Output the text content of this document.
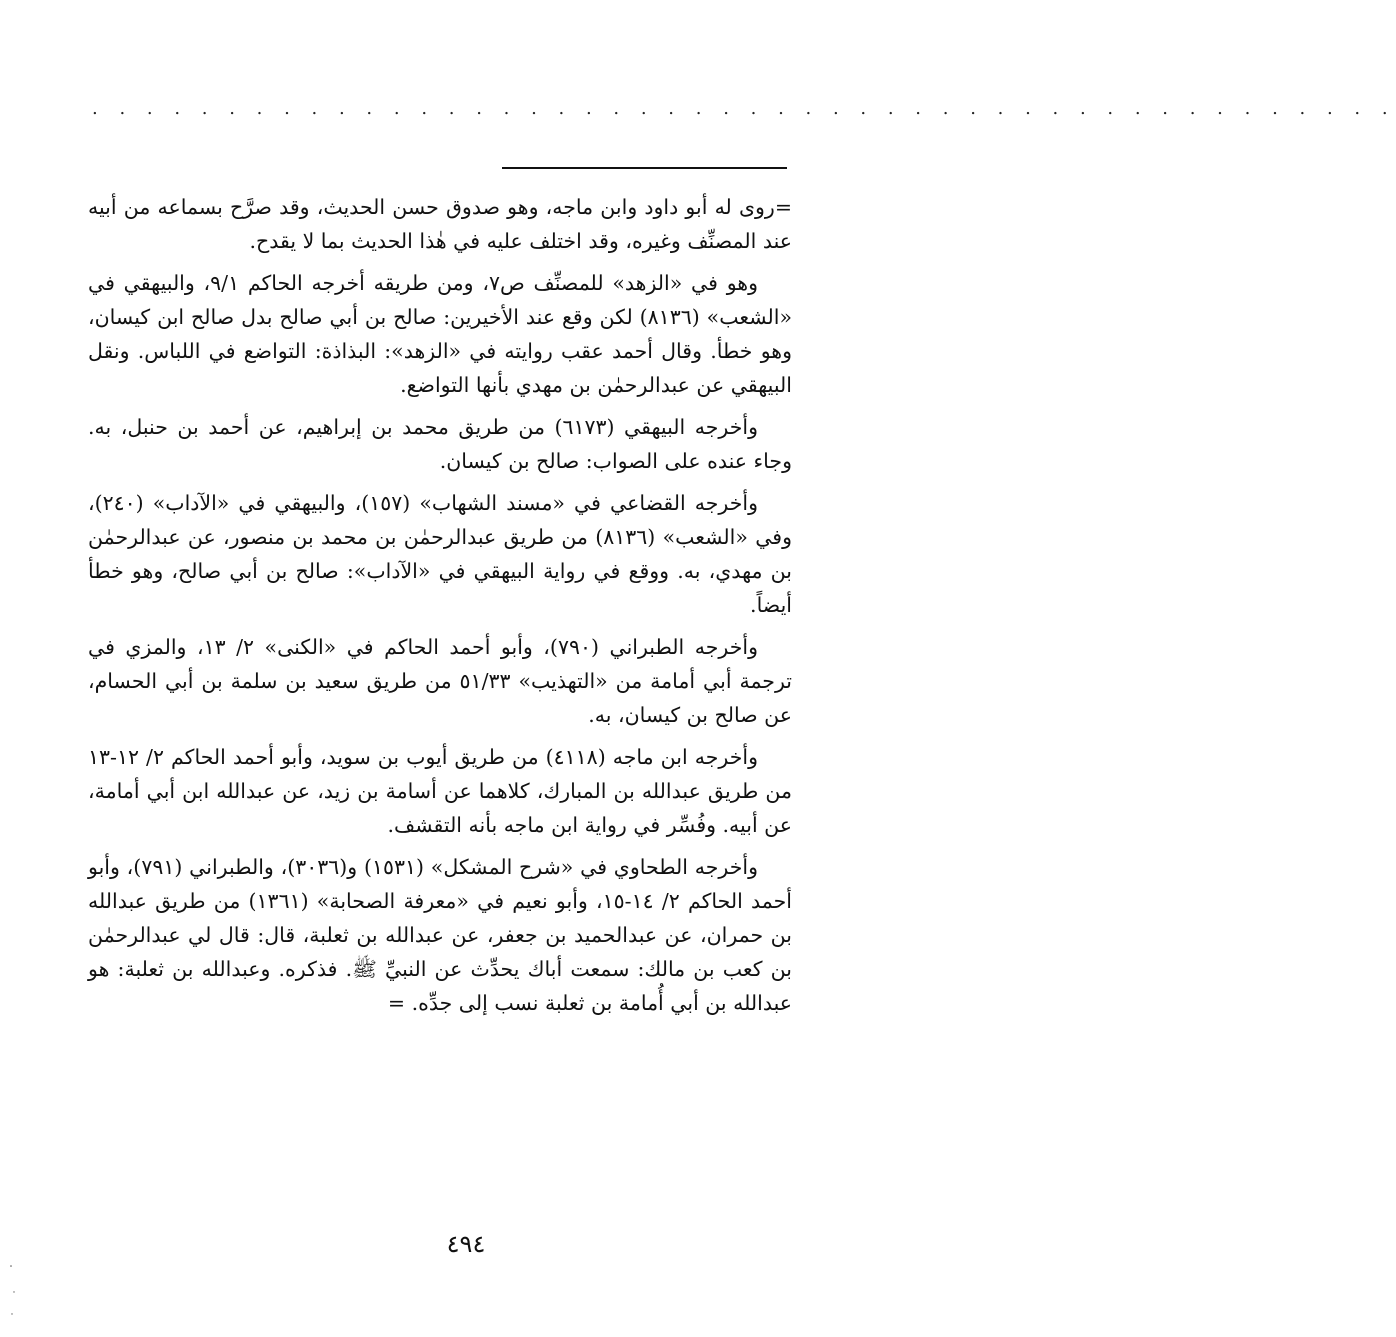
. . . . . . . . . . . . . . . . . . . . . . . . . . . . . . . . . . . . . . . . . . . . . . . .

=روى له أبو داود وابن ماجه، وهو صدوق حسن الحديث، وقد صرَّح بسماعه من أبيه عند المصنِّف وغيره، وقد اختلف عليه في هٰذا الحديث بما لا يقدح.

وهو في «الزهد» للمصنِّف ص٧، ومن طريقه أخرجه الحاكم ٩/١، والبيهقي في «الشعب» (٨١٣٦) لكن وقع عند الأخيرين: صالح بن أبي صالح بدل صالح ابن كيسان، وهو خطأ. وقال أحمد عقب روايته في «الزهد»: البذاذة: التواضع في اللباس. ونقل البيهقي عن عبدالرحمٰن بن مهدي بأنها التواضع.

وأخرجه البيهقي (٦١٧٣) من طريق محمد بن إبراهيم، عن أحمد بن حنبل، به. وجاء عنده على الصواب: صالح بن كيسان.

وأخرجه القضاعي في «مسند الشهاب» (١٥٧)، والبيهقي في «الآداب» (٢٤٠)، وفي «الشعب» (٨١٣٦) من طريق عبدالرحمٰن بن محمد بن منصور، عن عبدالرحمٰن بن مهدي، به. ووقع في رواية البيهقي في «الآداب»: صالح بن أبي صالح، وهو خطأ أيضاً.

وأخرجه الطبراني (٧٩٠)، وأبو أحمد الحاكم في «الكنى» ٢/ ١٣، والمزي في ترجمة أبي أمامة من «التهذيب» ٥١/٣٣ من طريق سعيد بن سلمة بن أبي الحسام، عن صالح بن كيسان، به.

وأخرجه ابن ماجه (٤١١٨) من طريق أيوب بن سويد، وأبو أحمد الحاكم ٢/ ١٢-١٣ من طريق عبدالله بن المبارك، كلاهما عن أسامة بن زيد، عن عبدالله ابن أبي أمامة، عن أبيه. وفُسِّر في رواية ابن ماجه بأنه التقشف.

وأخرجه الطحاوي في «شرح المشكل» (١٥٣١) و(٣٠٣٦)، والطبراني (٧٩١)، وأبو أحمد الحاكم ٢/ ١٤-١٥، وأبو نعيم في «معرفة الصحابة» (١٣٦١) من طريق عبدالله بن حمران، عن عبدالحميد بن جعفر، عن عبدالله بن ثعلبة، قال: قال لي عبدالرحمٰن بن كعب بن مالك: سمعت أباك يحدِّث عن النبيِّ ﷺ. فذكره. وعبدالله بن ثعلبة: هو عبدالله بن أبي أُمامة بن ثعلبة نسب إلى جدِّه. =

٤٩٤
